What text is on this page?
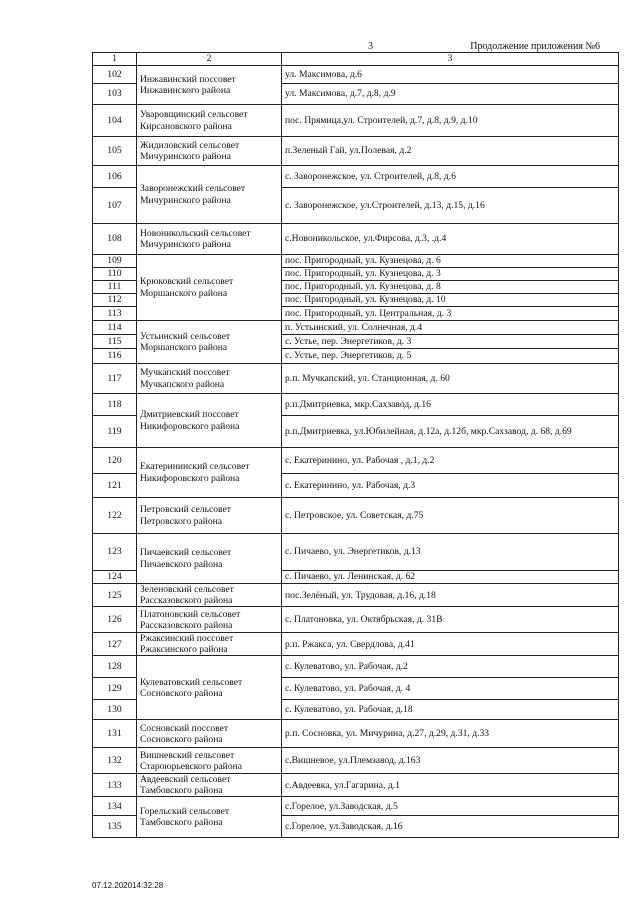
3	Продолжение приложения №6
1	2	3
102	Инжавинский поссовет
Инжавинского района	ул. Максимова, д.6
103		ул. Максимова, д.7, д.8, д.9
104	Уваровщинский сельсовет
Кирсановского района	пос. Прямица,ул. Строителей, д.7, д.8, д.9, д.10
105	Жидиловский сельсовет
Мичуринского района	п.Зеленый Гай, ул.Полевая, д.2
106	Заворонежский сельсовет
Мичуринского района	с. Заворонежское, ул. Строителей, д.8, д.6
107		с. Заворонежское, ул.Строителей, д.13, д.15, д.16
108	Новоникольский сельсовет
Мичуринского района	с.Новоникольское, ул.Фирсова, д.3, .д.4
109	Крюковский сельсовет
Моршанского района	пос. Пригородный, ул. Кузнецова, д. 6
110		пос. Пригородный, ул. Кузнецова, д. 3
111		пос. Пригородный, ул. Кузнецова, д. 8
112		пос. Пригородный, ул. Кузнецова, д. 10
113		пос. Пригородный, ул. Центральная, д. 3
114	Устьинский сельсовет
Моршанского района	п. Устьинский, ул. Солнечная, д.4
115		с. Устье, пер. Энергетиков, д. 3
116		с. Устье, пер. Энергетиков, д. 5
117	Мучкапский поссовет
Мучкапского района	р.п. Мучкапский, ул. Станционная, д. 60
118	Дмитриевский поссовет
Никифоровского района	р.п.Дмитриевка, мкр.Сахзавод, д.16
119		р.п.Дмитриевка, ул.Юбилейная, д.12а, д.12б, мкр.Сахзавод, д. 68, д.69
120	Екатерининский сельсовет
Никифоровского района	с. Екатеринино, ул. Рабочая , д.1, д.2
121		с. Екатеринино, ул. Рабочая, д.3
122	Петровский сельсовет
Петровского района	с. Петровское, ул. Советская, д.75
123	Пичаевский сельсовет
Пичаевского района	с. Пичаево, ул. Энергетиков, д.13
124		с. Пичаево, ул. Ленинская, д. 62
125	Зеленовский сельсовет
Рассказовского района	пос.Зелёный, ул. Трудовая, д.16, д.18
126	Платоновский сельсовет
Рассказовского района	с. Платоновка, ул. Октябрьская, д. 31В
127	Ржаксинский поссовет
Ржаксинского района	р.п. Ржакса, ул. Свердлова, д.41
128	Кулеватовский сельсовет
Сосновского района	с. Кулеватово, ул. Рабочая, д.2
129		с. Кулеватово, ул. Рабочая, д. 4
130		с. Кулеватово, ул. Рабочая, д.18
131	Сосновский поссовет
Сосновского района	р.п. Сосновка, ул. Мичурина, д.27, д.29, д.31, д.33
132	Вишневский сельсовет
Староюрьевского района	с.Вишневое, ул.Племзавод, д.163
133	Авдеевский сельсовет
Тамбовского района	с.Авдеевка, ул.Гагарина, д.1
134	Горельский сельсовет
Тамбовского района	с.Горелое, ул.Заводская, д.5
135		с.Горелое, ул.Заводская, д.16
07.12.202014:32:28
